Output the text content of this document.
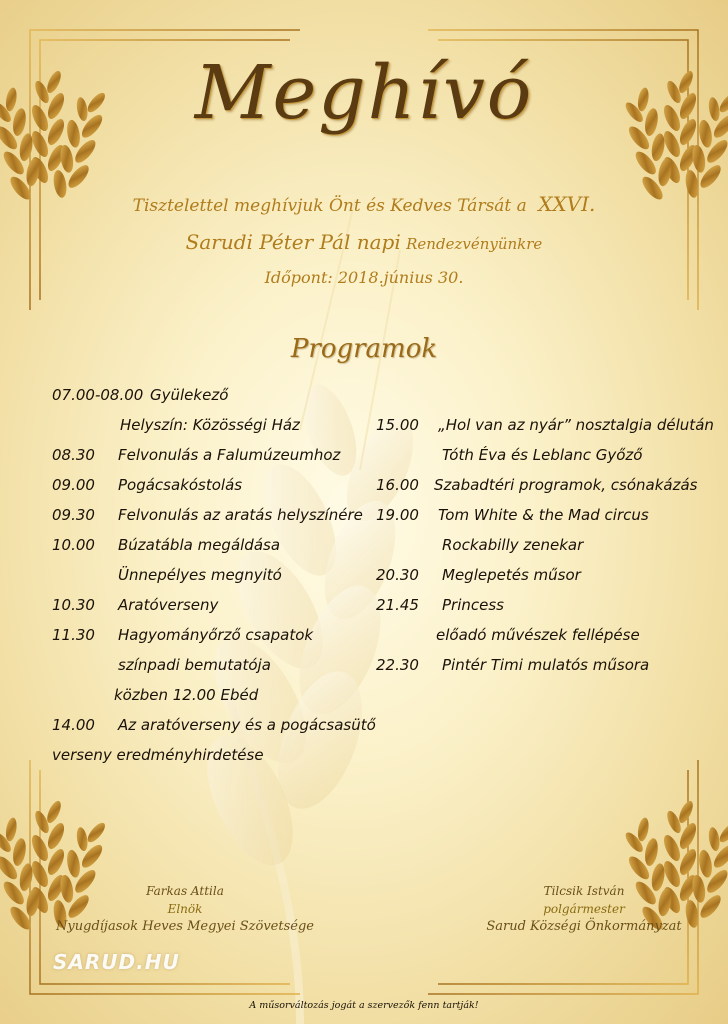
Meghívó
Tisztelettel meghívjuk Önt és Kedves Társát a XXVI.
Sarudi Péter Pál napi Rendezvényünkre
Időpont: 2018.június 30.
Programok
07.00-08.00 Gyülekező
Helyszín: Közösségi Ház
08.30 Felvonulás a Falumúzeumhoz
09.00 Pogácsakóstolás
09.30 Felvonulás az aratás helyszínére
10.00 Búzatábla megáldása
Ünnepélyes megnyitó
10.30 Aratóverseny
11.30 Hagyományőrző csapatok
színpadi bemutatója
közben 12.00 Ebéd
14.00 Az aratóverseny és a pogácsasütő
verseny eredményhirdetése
15.00 „Hol van az nyár” nosztalgia délután
Tóth Éva és Leblanc Győző
16.00 Szabadtéri programok, csónakázás
19.00 Tom White & the Mad circus
Rockabilly zenekar
20.30 Meglepetés műsor
21.45 Princess
előadó művészek fellépése
22.30 Pintér Timi mulatós műsora
Farkas Attila
Elnök
Nyugdíjasok Heves Megyei Szövetsége
Tilcsik István
polgármester
Sarud Községi Önkormányzat
SARUD.HU
A műsorváltozás jogát a szervezők fenn tartják!
